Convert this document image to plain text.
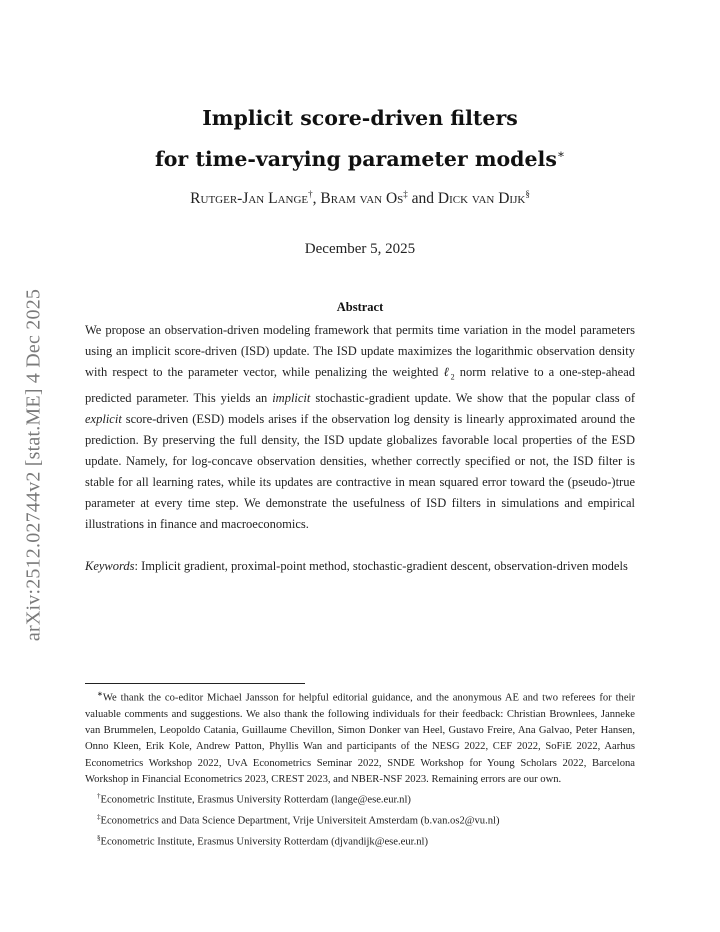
arXiv:2512.02744v2 [stat.ME] 4 Dec 2025
Implicit score-driven filters
for time-varying parameter models∗
Rutger-Jan Lange†, Bram van Os‡ and Dick van Dijk§
December 5, 2025
Abstract

We propose an observation-driven modeling framework that permits time variation in the model parameters using an implicit score-driven (ISD) update. The ISD update maximizes the logarithmic observation density with respect to the parameter vector, while penalizing the weighted ℓ$_2$ norm relative to a one-step-ahead predicted parameter. This yields an implicit stochastic-gradient update. We show that the popular class of explicit score-driven (ESD) models arises if the observation log density is linearly approximated around the prediction. By preserving the full density, the ISD update globalizes favorable local properties of the ESD update. Namely, for log-concave observation densities, whether correctly specified or not, the ISD filter is stable for all learning rates, while its updates are contractive in mean squared error toward the (pseudo-)true parameter at every time step. We demonstrate the usefulness of ISD filters in simulations and empirical illustrations in finance and macroeconomics.

Keywords: Implicit gradient, proximal-point method, stochastic-gradient descent, observation-driven models

∗We thank the co-editor Michael Jansson for helpful editorial guidance, and the anonymous AE and two referees for their valuable comments and suggestions. We also thank the following individuals for their feedback: Christian Brownlees, Janneke van Brummelen, Leopoldo Catania, Guillaume Chevillon, Simon Donker van Heel, Gustavo Freire, Ana Galvao, Peter Hansen, Onno Kleen, Erik Kole, Andrew Patton, Phyllis Wan and participants of the NESG 2022, CEF 2022, SoFiE 2022, Aarhus Econometrics Workshop 2022, UvA Econometrics Seminar 2022, SNDE Workshop for Young Scholars 2022, Barcelona Workshop in Financial Econometrics 2023, CREST 2023, and NBER-NSF 2023. Remaining errors are our own.

†Econometric Institute, Erasmus University Rotterdam (lange@ese.eur.nl)

‡Econometrics and Data Science Department, Vrije Universiteit Amsterdam (b.van.os2@vu.nl)

§Econometric Institute, Erasmus University Rotterdam (djvandijk@ese.eur.nl)
